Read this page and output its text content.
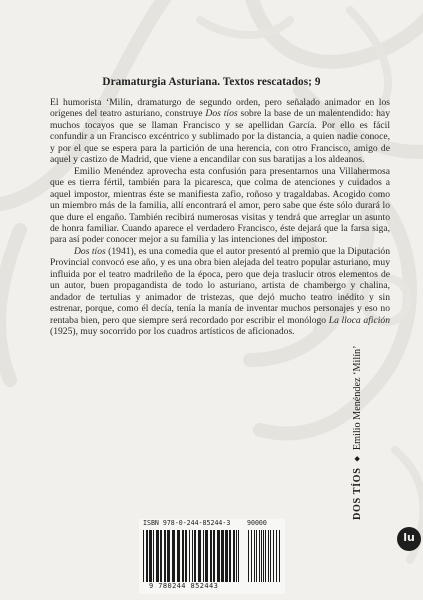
Dramaturgia Asturiana. Textos rescatados; 9

El humorista ‘Milín, dramaturgo de segundo orden, pero señalado animador en los orígenes del teatro asturiano, construye Dos tíos sobre la base de un malentendido: hay muchos tocayos que se llaman Francisco y se apellidan García. Por ello es fácil confundir a un Francisco excéntrico y sublimado por la distancia, a quien nadie conoce, y por el que se espera para la partición de una herencia, con otro Francisco, amigo de aquel y castizo de Madrid, que viene a encandilar con sus baratijas a los aldeanos.

Emilio Menéndez aprovecha esta confusión para presentarnos una Villahermosa que es tierra fértil, también para la picaresca, que colma de atenciones y cuidados a aquel impostor, mientras éste se manifiesta zafio, roñoso y tragaldabas. Acogido como un miembro más de la familia, allí encontrará el amor, pero sabe que éste sólo durará lo que dure el engaño. También recibirá numerosas visitas y tendrá que arreglar un asunto de honra familiar. Cuando aparece el verdadero Francisco, éste dejará que la farsa siga, para así poder conocer mejor a su familia y las intenciones del impostor.

Dos tíos (1941), es una comedia que el autor presentó al premio que la Diputación Provincial convocó ese año, y es una obra bien alejada del teatro popular asturiano, muy influida por el teatro madrileño de la época, pero que deja traslucir otros elementos de un autor, buen propagandista de todo lo asturiano, artista de chambergo y chalina, andador de tertulias y animador de tristezas, que dejó mucho teatro inédito y sin estrenar, porque, como él decía, tenía la manía de inventar muchos personajes y eso no rentaba bien, pero que siempre será recordado por escribir el monólogo La lloca afición (1925), muy socorrido por los cuadros artísticos de aficionados.

DOS TÍOS◆Emilio Menéndez ‘Milín’
ISBN 978-0-244-85244-3
9 780244 852443
90000
lu
